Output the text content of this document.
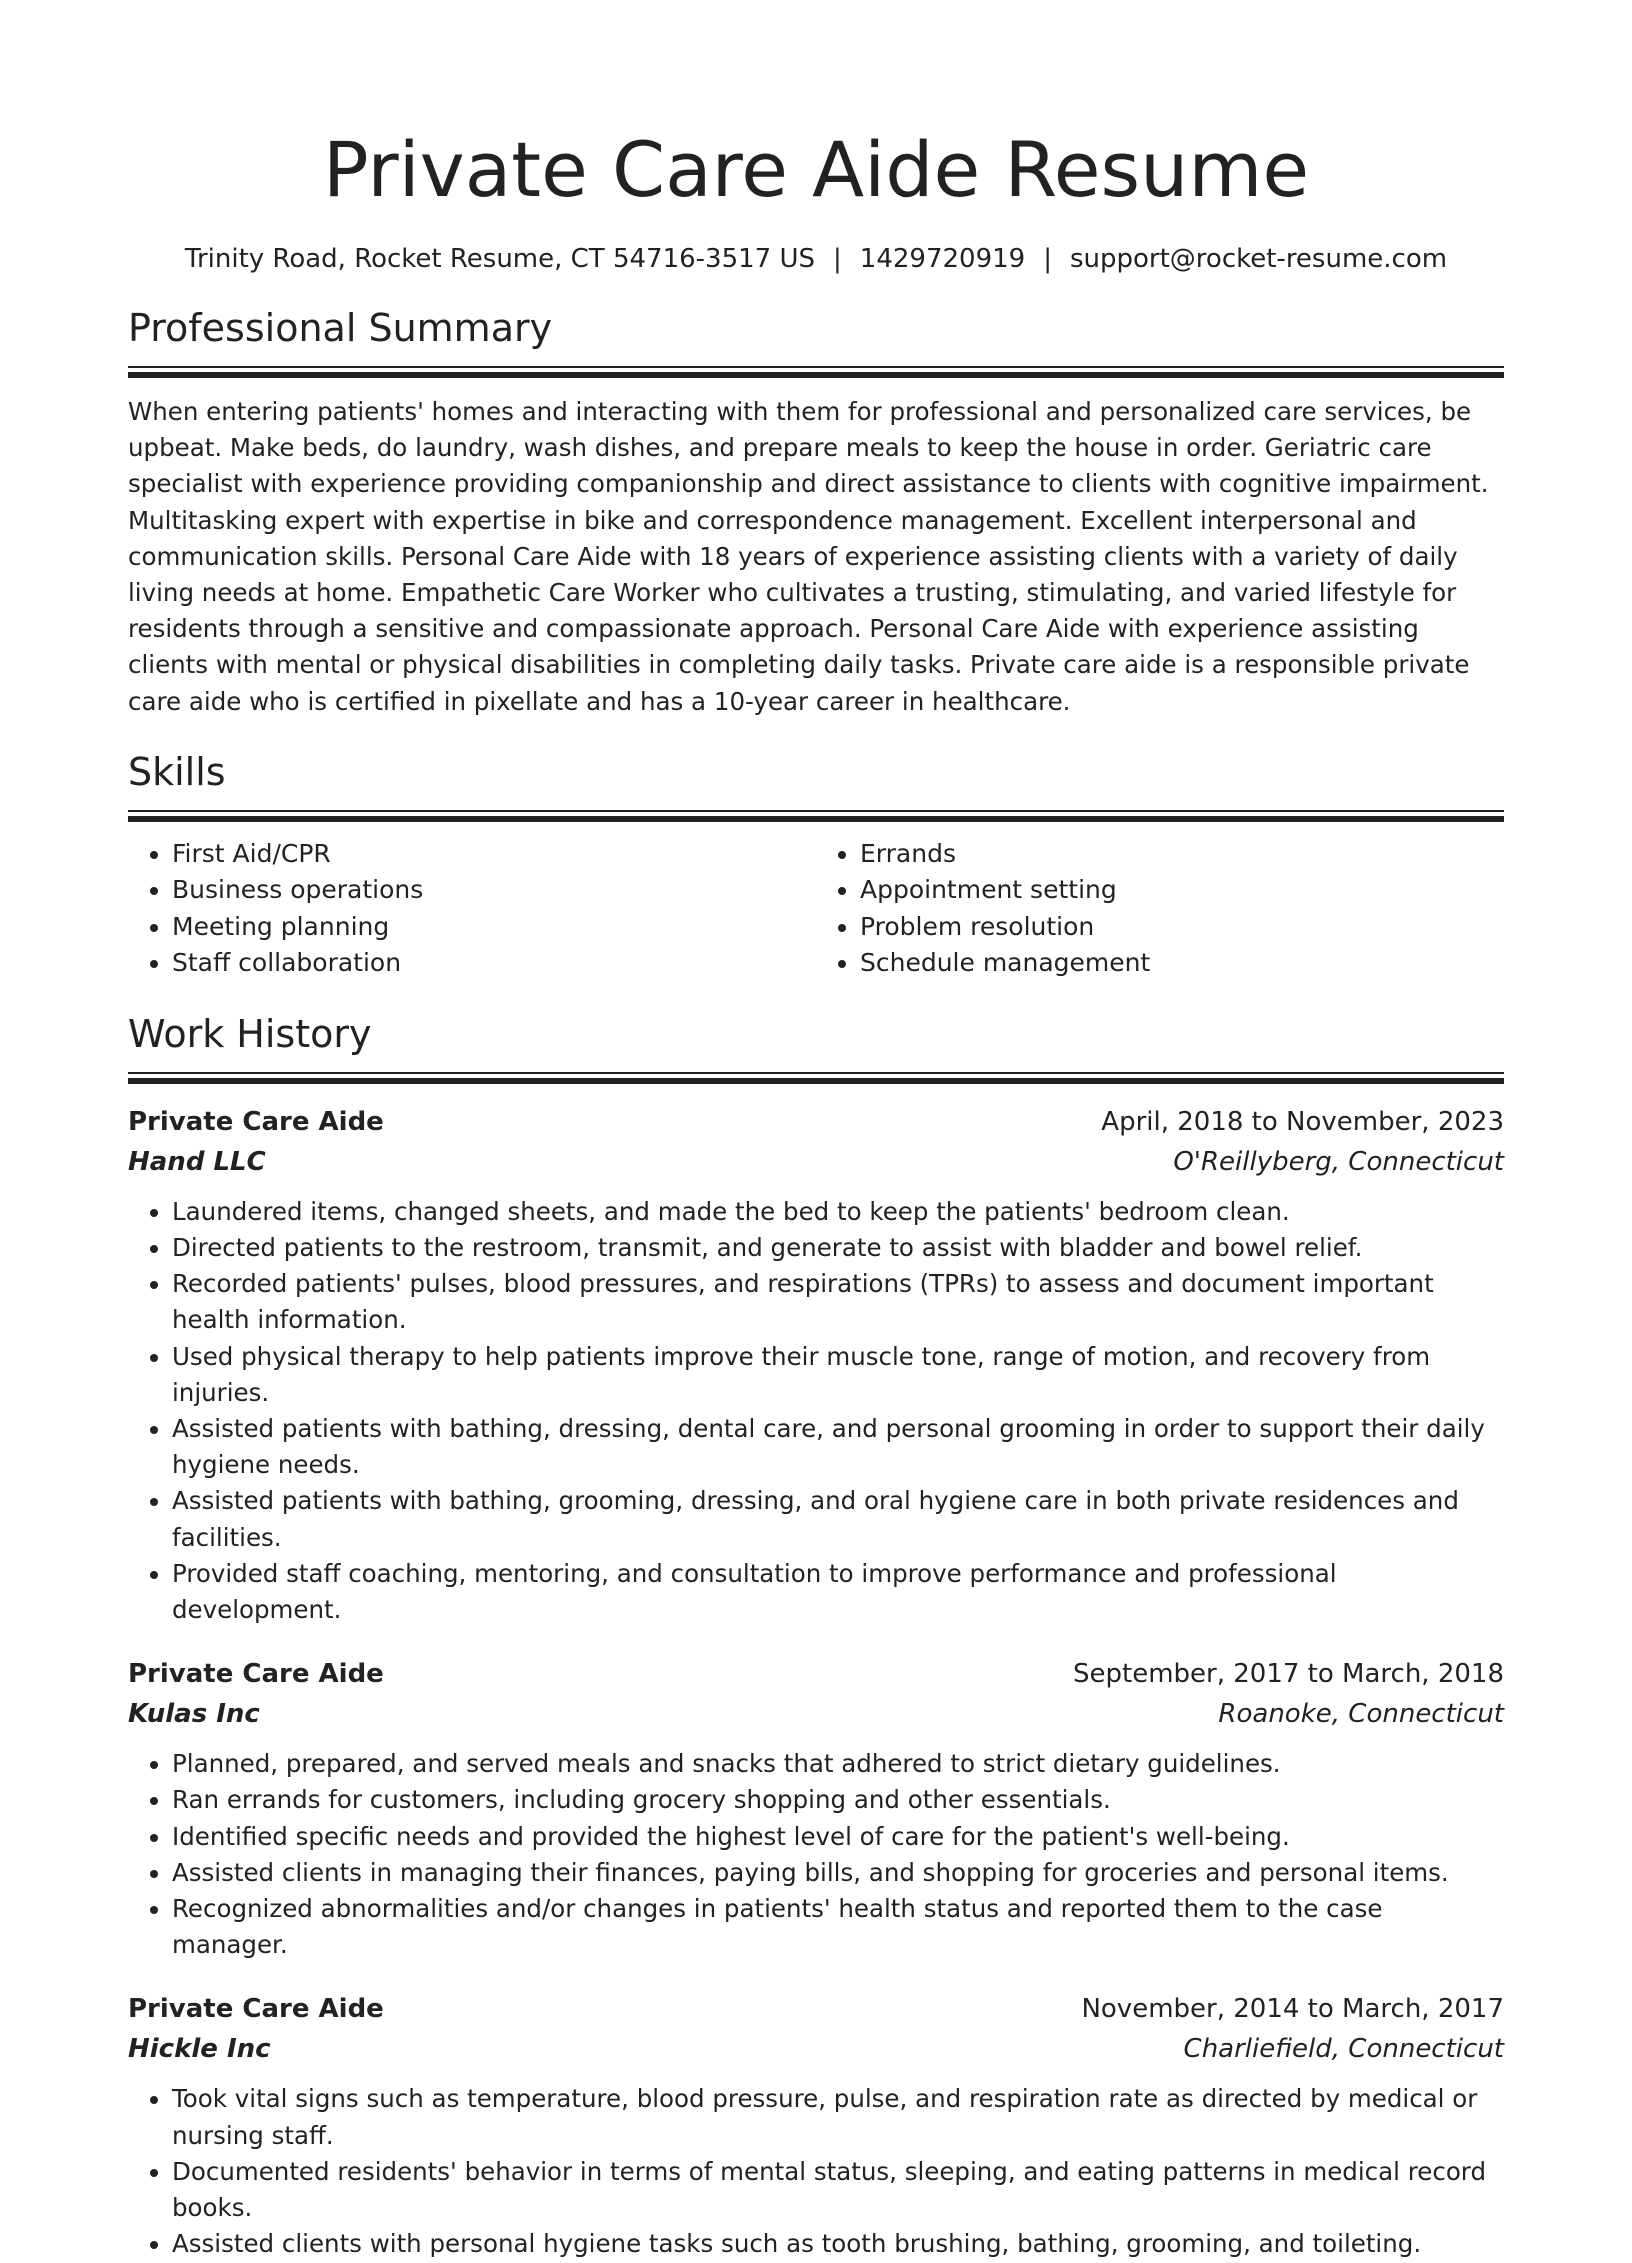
Private Care Aide Resume
Trinity Road, Rocket Resume, CT 54716-3517 US | 1429720919 | support@rocket-resume.com
Professional Summary
When entering patients' homes and interacting with them for professional and personalized care services, be upbeat. Make beds, do laundry, wash dishes, and prepare meals to keep the house in order. Geriatric care specialist with experience providing companionship and direct assistance to clients with cognitive impairment. Multitasking expert with expertise in bike and correspondence management. Excellent interpersonal and communication skills. Personal Care Aide with 18 years of experience assisting clients with a variety of daily living needs at home. Empathetic Care Worker who cultivates a trusting, stimulating, and varied lifestyle for residents through a sensitive and compassionate approach. Personal Care Aide with experience assisting clients with mental or physical disabilities in completing daily tasks. Private care aide is a responsible private care aide who is certified in pixellate and has a 10-year career in healthcare.
Skills
• First Aid/CPR
• Business operations
• Meeting planning
• Staff collaboration
• Errands
• Appointment setting
• Problem resolution
• Schedule management
Work History
Private Care Aide	April, 2018 to November, 2023
Hand LLC	O'Reillyberg, Connecticut
• Laundered items, changed sheets, and made the bed to keep the patients' bedroom clean.
• Directed patients to the restroom, transmit, and generate to assist with bladder and bowel relief.
• Recorded patients' pulses, blood pressures, and respirations (TPRs) to assess and document important health information.
• Used physical therapy to help patients improve their muscle tone, range of motion, and recovery from injuries.
• Assisted patients with bathing, dressing, dental care, and personal grooming in order to support their daily hygiene needs.
• Assisted patients with bathing, grooming, dressing, and oral hygiene care in both private residences and facilities.
• Provided staff coaching, mentoring, and consultation to improve performance and professional development.
Private Care Aide	September, 2017 to March, 2018
Kulas Inc	Roanoke, Connecticut
• Planned, prepared, and served meals and snacks that adhered to strict dietary guidelines.
• Ran errands for customers, including grocery shopping and other essentials.
• Identified specific needs and provided the highest level of care for the patient's well-being.
• Assisted clients in managing their finances, paying bills, and shopping for groceries and personal items.
• Recognized abnormalities and/or changes in patients' health status and reported them to the case manager.
Private Care Aide	November, 2014 to March, 2017
Hickle Inc	Charliefield, Connecticut
• Took vital signs such as temperature, blood pressure, pulse, and respiration rate as directed by medical or nursing staff.
• Documented residents' behavior in terms of mental status, sleeping, and eating patterns in medical record books.
• Assisted clients with personal hygiene tasks such as tooth brushing, bathing, grooming, and toileting.
